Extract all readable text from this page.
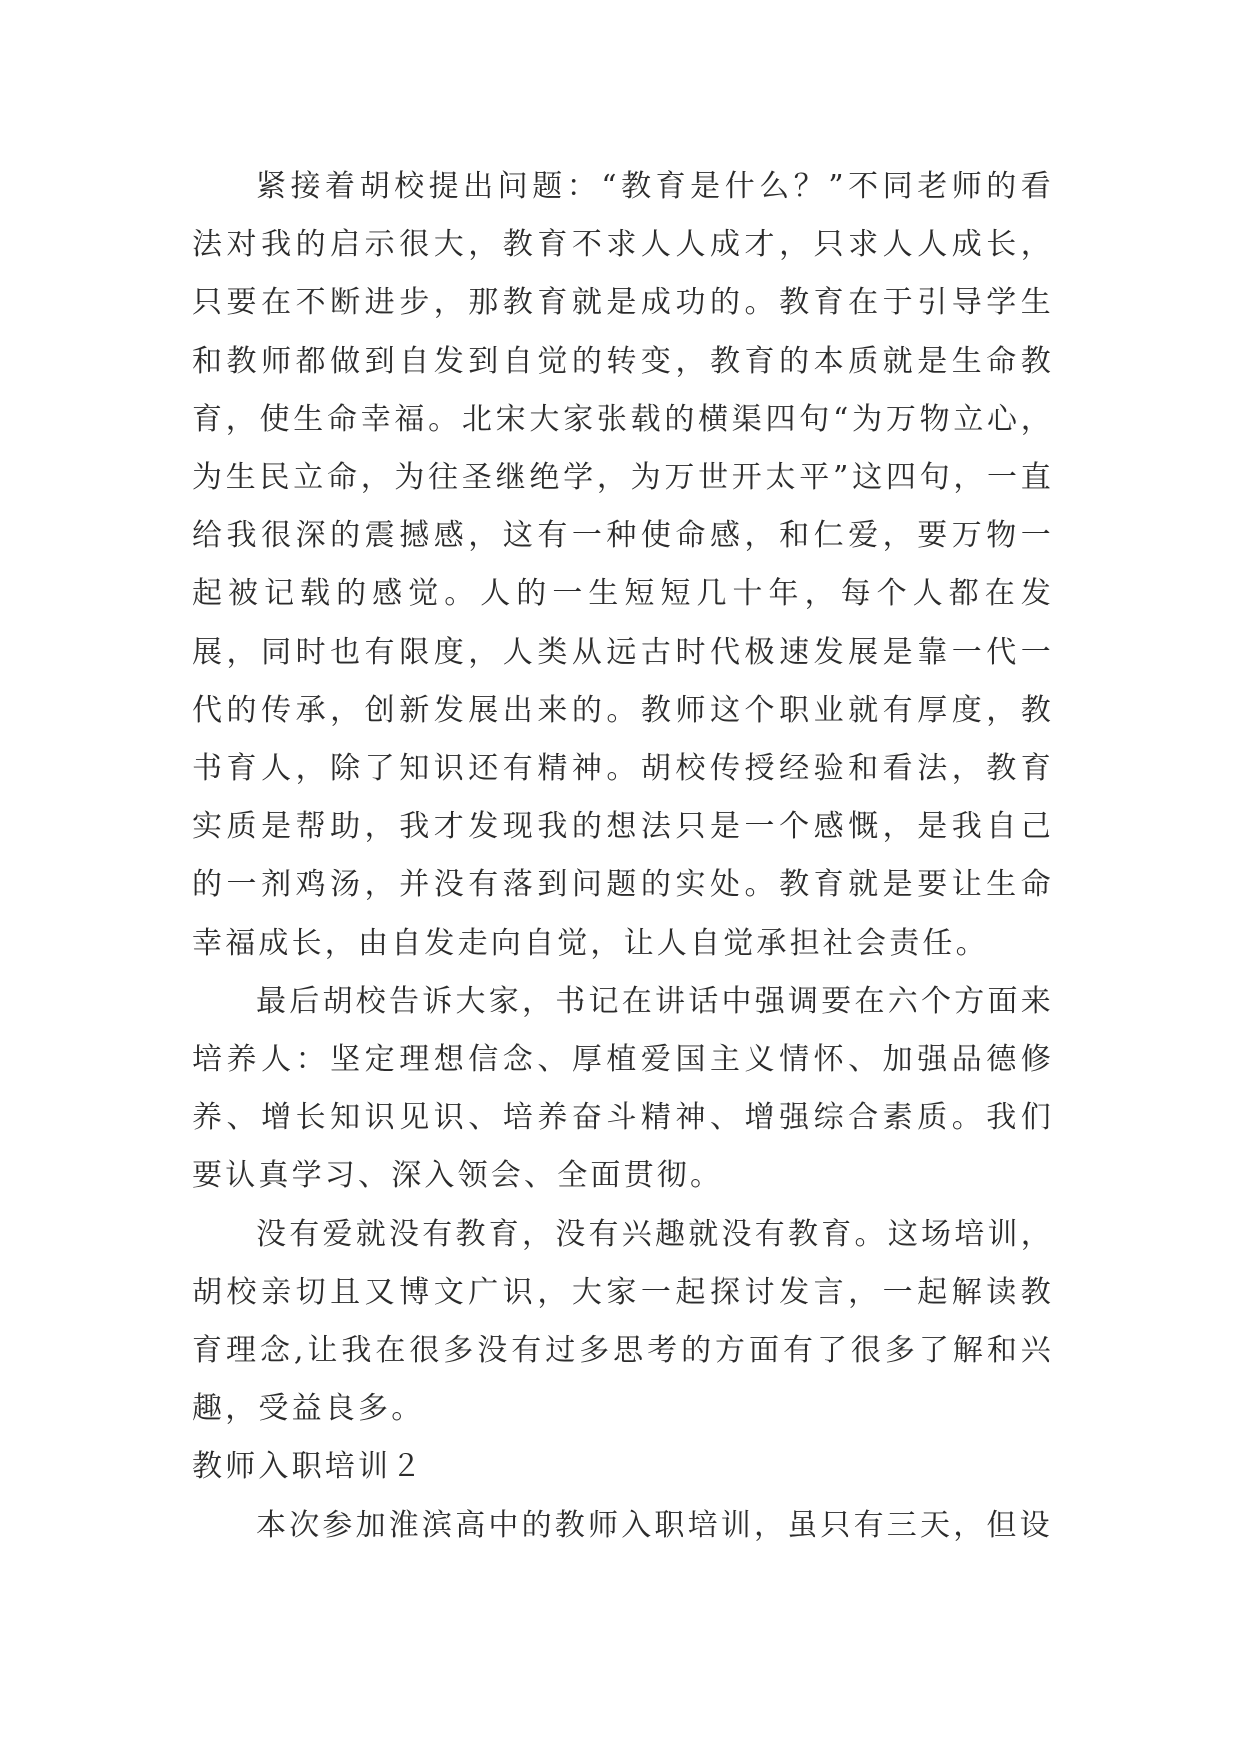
紧接着胡校提出问题：“教育是什么？”不同老师的看法对我的启示很大，教育不求人人成才，只求人人成长，只要在不断进步，那教育就是成功的。教育在于引导学生和教师都做到自发到自觉的转变，教育的本质就是生命教育，使生命幸福。北宋大家张载的横渠四句“为万物立心，为生民立命，为往圣继绝学，为万世开太平”这四句，一直给我很深的震撼感，这有一种使命感，和仁爱，要万物一起被记载的感觉。人的一生短短几十年，每个人都在发展，同时也有限度，人类从远古时代极速发展是靠一代一代的传承，创新发展出来的。教师这个职业就有厚度，教书育人，除了知识还有精神。胡校传授经验和看法，教育实质是帮助，我才发现我的想法只是一个感慨，是我自己的一剂鸡汤，并没有落到问题的实处。教育就是要让生命幸福成长，由自发走向自觉，让人自觉承担社会责任。

最后胡校告诉大家，书记在讲话中强调要在六个方面来培养人：坚定理想信念、厚植爱国主义情怀、加强品德修养、增长知识见识、培养奋斗精神、增强综合素质。我们要认真学习、深入领会、全面贯彻。

没有爱就没有教育，没有兴趣就没有教育。这场培训，胡校亲切且又博文广识，大家一起探讨发言，一起解读教育理念,让我在很多没有过多思考的方面有了很多了解和兴趣，受益良多。

教师入职培训２

本次参加淮滨高中的教师入职培训，虽只有三天，但设
